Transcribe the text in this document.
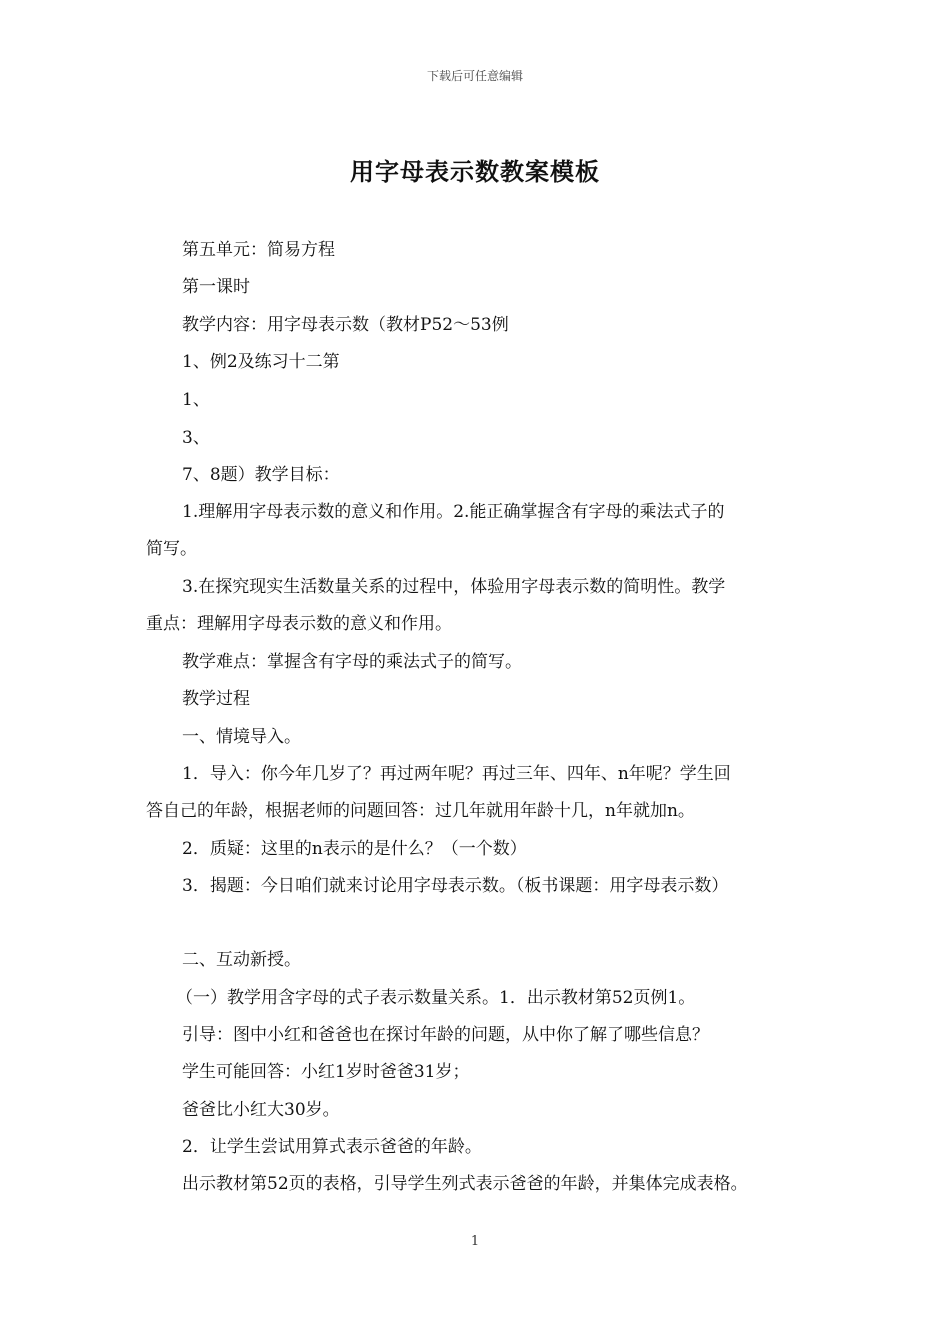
下载后可任意编辑
用字母表示数教案模板
第五单元：简易方程
第一课时
教学内容：用字母表示数（教材P52～53例
1、例2及练习十二第
1、
3、
7、8题）教学目标：
1.理解用字母表示数的意义和作用。2.能正确掌握含有字母的乘法式子的
简写。
3.在探究现实生活数量关系的过程中，体验用字母表示数的简明性。教学
重点：理解用字母表示数的意义和作用。
教学难点：掌握含有字母的乘法式子的简写。
教学过程
一、情境导入。
1．导入：你今年几岁了？再过两年呢？再过三年、四年、n年呢？学生回
答自己的年龄，根据老师的问题回答：过几年就用年龄十几，n年就加n。
2．质疑：这里的n表示的是什么？（一个数）
3．揭题：今日咱们就来讨论用字母表示数。（板书课题：用字母表示数）
二、互动新授。
（一）教学用含字母的式子表示数量关系。1．出示教材第52页例1。
引导：图中小红和爸爸也在探讨年龄的问题，从中你了解了哪些信息？
学生可能回答：小红1岁时爸爸31岁；
爸爸比小红大30岁。
2．让学生尝试用算式表示爸爸的年龄。
出示教材第52页的表格，引导学生列式表示爸爸的年龄，并集体完成表格。
1
